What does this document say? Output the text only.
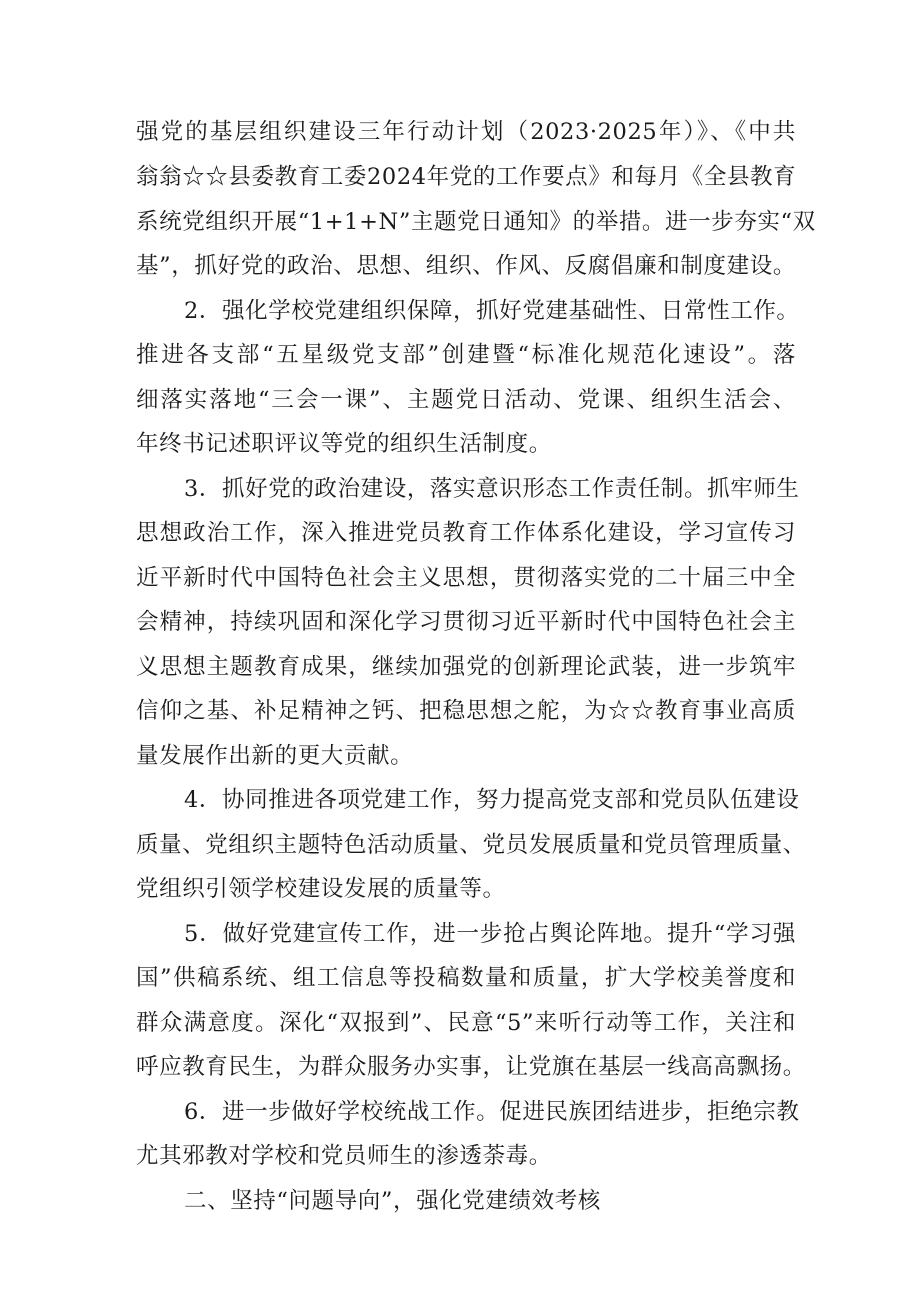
强党的基层组织建设三年行动计划（2023·2025年）》、《中共
翁翁☆☆县委教育工委2024年党的工作要点》和每月《全县教育
系统党组织开展“1+1+N”主题党日通知》的举措。进一步夯实“双
基”，抓好党的政治、思想、组织、作风、反腐倡廉和制度建设。
2．强化学校党建组织保障，抓好党建基础性、日常性工作。
推进各支部“五星级党支部”创建暨“标准化规范化速设”。落
细落实落地“三会一课”、主题党日活动、党课、组织生活会、
年终书记述职评议等党的组织生活制度。
3．抓好党的政治建设，落实意识形态工作责任制。抓牢师生
思想政治工作，深入推进党员教育工作体系化建设，学习宣传习
近平新时代中国特色社会主义思想，贯彻落实党的二十届三中全
会精神，持续巩固和深化学习贯彻习近平新时代中国特色社会主
义思想主题教育成果，继续加强党的创新理论武装，进一步筑牢
信仰之基、补足精神之钙、把稳思想之舵，为☆☆教育事业高质
量发展作出新的更大贡献。
4．协同推进各项党建工作，努力提高党支部和党员队伍建设
质量、党组织主题特色活动质量、党员发展质量和党员管理质量、
党组织引领学校建设发展的质量等。
5．做好党建宣传工作，进一步抢占舆论阵地。提升“学习强
国”供稿系统、组工信息等投稿数量和质量，扩大学校美誉度和
群众满意度。深化“双报到”、民意“5”来听行动等工作，关注和
呼应教育民生，为群众服务办实事，让党旗在基层一线高高飘扬。
6．进一步做好学校统战工作。促进民族团结进步，拒绝宗教
尤其邪教对学校和党员师生的渗透荼毒。
二、坚持“问题导向”，强化党建绩效考核
